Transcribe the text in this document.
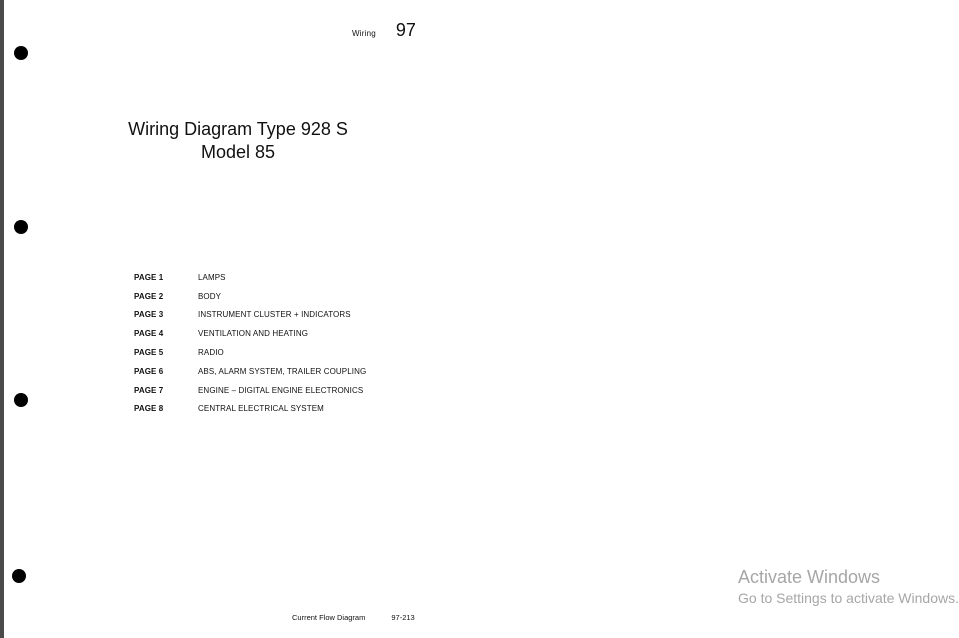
Wiring 97
Wiring Diagram Type 928 S
Model 85
PAGE 1	LAMPS
PAGE 2	BODY
PAGE 3	INSTRUMENT CLUSTER + INDICATORS
PAGE 4	VENTILATION AND HEATING
PAGE 5	RADIO
PAGE 6	ABS, ALARM SYSTEM, TRAILER COUPLING
PAGE 7	ENGINE – DIGITAL ENGINE ELECTRONICS
PAGE 8	CENTRAL ELECTRICAL SYSTEM
Current Flow Diagram	97-213
Activate Windows
Go to Settings to activate Windows.
